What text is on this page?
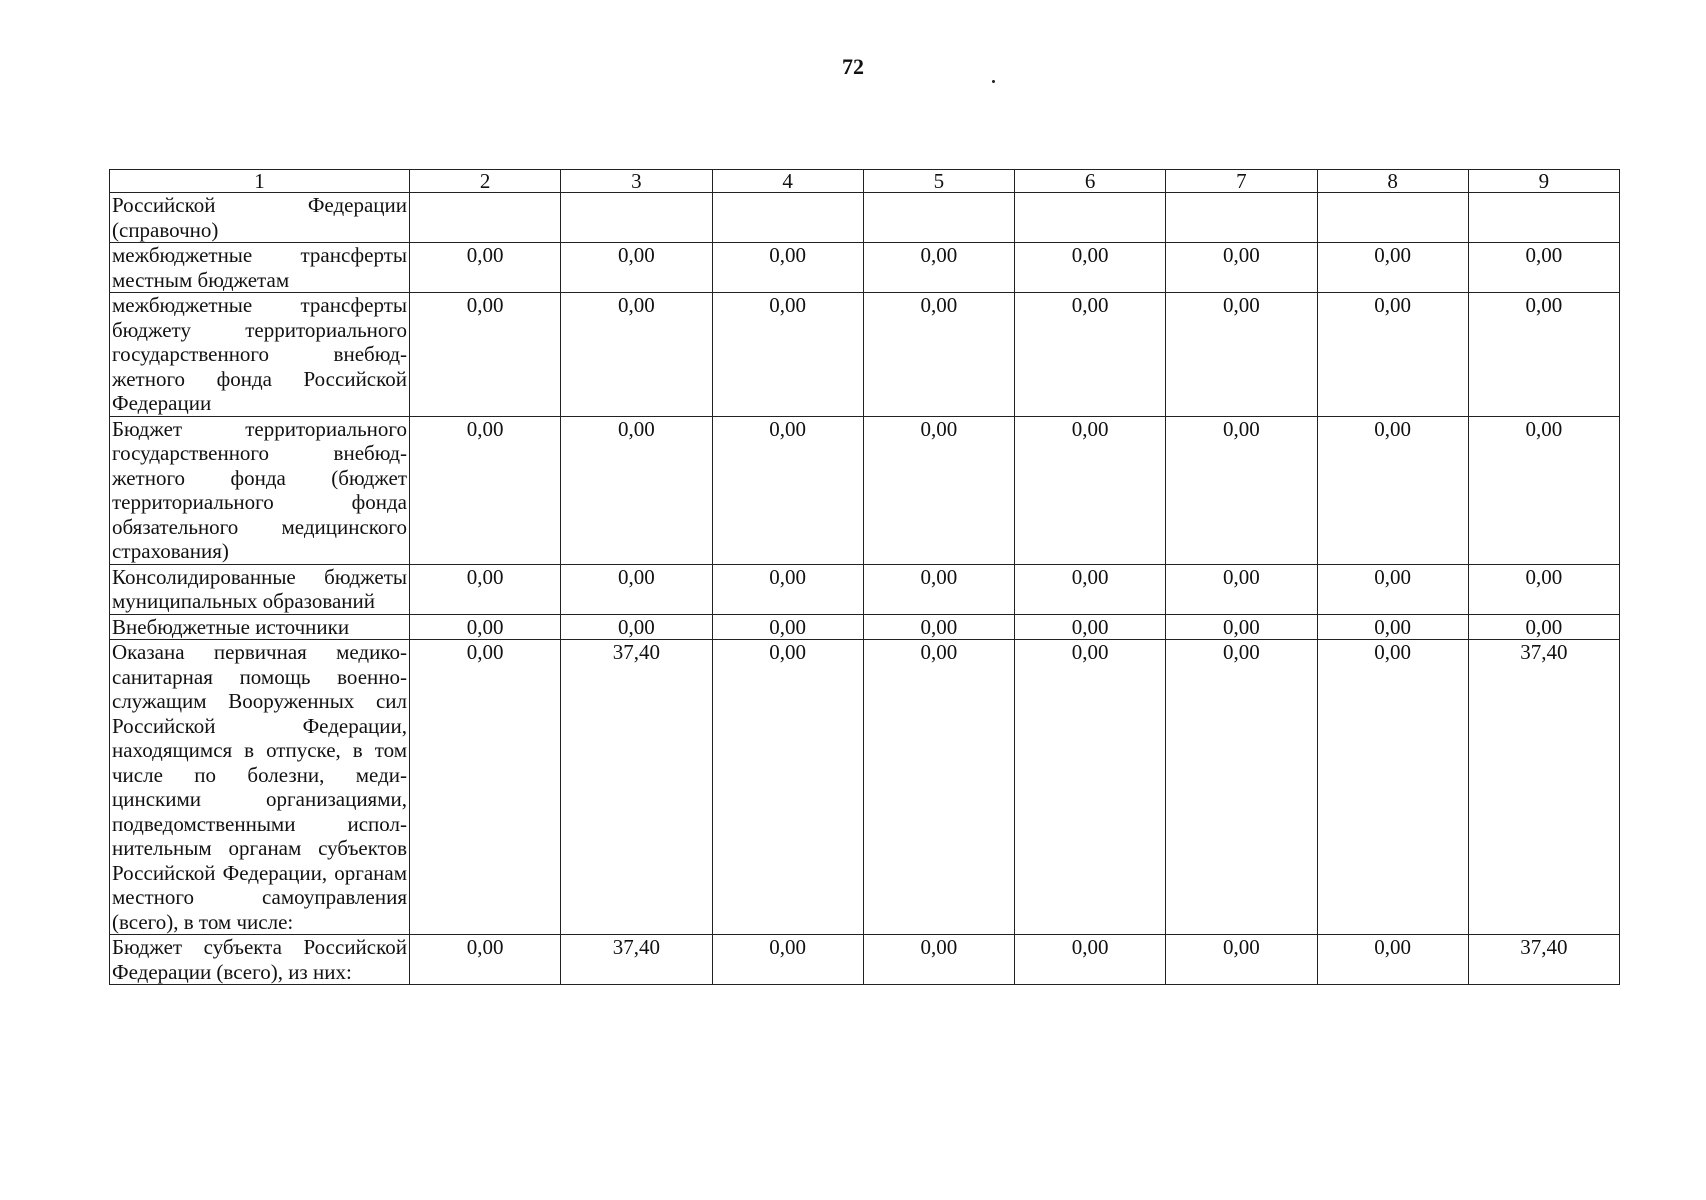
72
1	2	3	4	5	6	7	8	9
Российской Федерации (справочно)								
межбюджетные трансферты местным бюджетам	0,00	0,00	0,00	0,00	0,00	0,00	0,00	0,00
межбюджетные трансферты бюджету территориального государственного внебюджетного фонда Российской Федерации	0,00	0,00	0,00	0,00	0,00	0,00	0,00	0,00
Бюджет территориального государственного внебюджетного фонда (бюджет территориального фонда обязательного медицинского страхования)	0,00	0,00	0,00	0,00	0,00	0,00	0,00	0,00
Консолидированные бюджеты муниципальных образований	0,00	0,00	0,00	0,00	0,00	0,00	0,00	0,00
Внебюджетные источники	0,00	0,00	0,00	0,00	0,00	0,00	0,00	0,00
Оказана первичная медикосанитарная помощь военнослужащим Вооруженных сил Российской Федерации, находящимся в отпуске, в том числе по болезни, медицинскими организациями, подведомственными исполнительным органам субъектов Российской Федерации, органам местного самоуправления (всего), в том числе:	0,00	37,40	0,00	0,00	0,00	0,00	0,00	37,40
Бюджет субъекта Российской Федерации (всего), из них:	0,00	37,40	0,00	0,00	0,00	0,00	0,00	37,40
